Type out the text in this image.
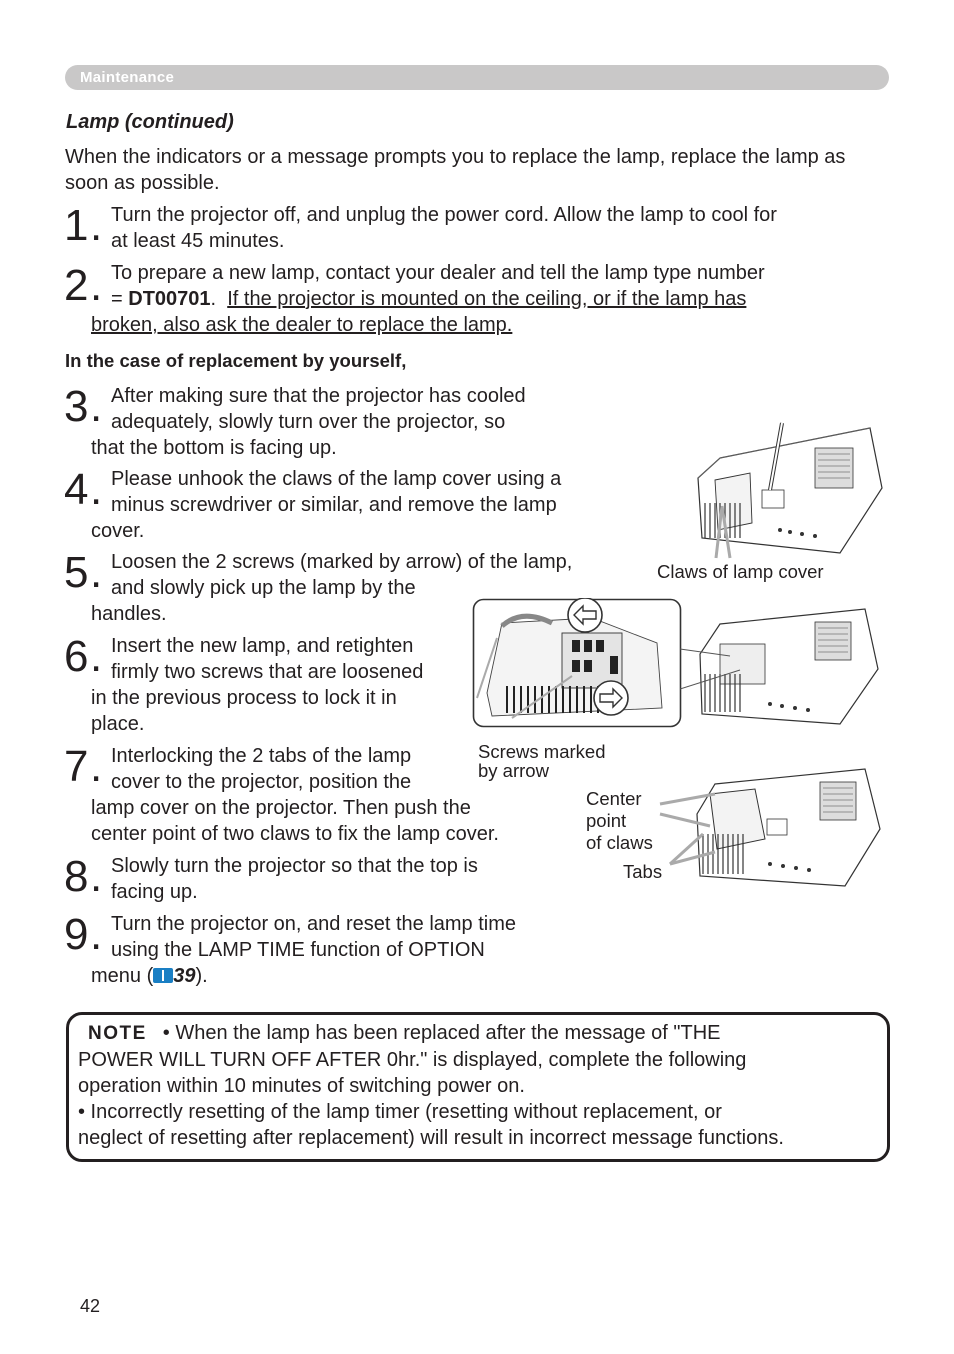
Maintenance
Lamp (continued)
When the indicators or a message prompts you to replace the lamp, replace the lamp as soon as possible.
1 . Turn the projector off, and unplug the power cord. Allow the lamp to cool for
at least 45 minutes.
2 . To prepare a new lamp, contact your dealer and tell the lamp type number
= DT00701. If the projector is mounted on the ceiling, or if the lamp has
broken, also ask the dealer to replace the lamp.
In the case of replacement by yourself,
3 . After making sure that the projector has cooled
adequately, slowly turn over the projector, so
that the bottom is facing up.
4 . Please unhook the claws of the lamp cover using a
minus screwdriver or similar, and remove the lamp
cover.
5 . Loosen the 2 screws (marked by arrow) of the lamp,
and slowly pick up the lamp by the
handles.
6 . Insert the new lamp, and retighten
firmly two screws that are loosened
in the previous process to lock it in
place.
7 . Interlocking the 2 tabs of the lamp
cover to the projector, position the
lamp cover on the projector. Then push the
center point of two claws to fix the lamp cover.
8 . Slowly turn the projector so that the top is
facing up.
9 . Turn the projector on, and reset the lamp time
using the LAMP TIME function of OPTION
menu ( 39).
Claws of lamp cover
Screws marked
by arrow
Center
point
of claws
Tabs
NOTE • When the lamp has been replaced after the message of "THE
POWER WILL TURN OFF AFTER 0hr." is displayed, complete the following
operation within 10 minutes of switching power on.
• Incorrectly resetting of the lamp timer (resetting without replacement, or
neglect of resetting after replacement) will result in incorrect message functions.
42
